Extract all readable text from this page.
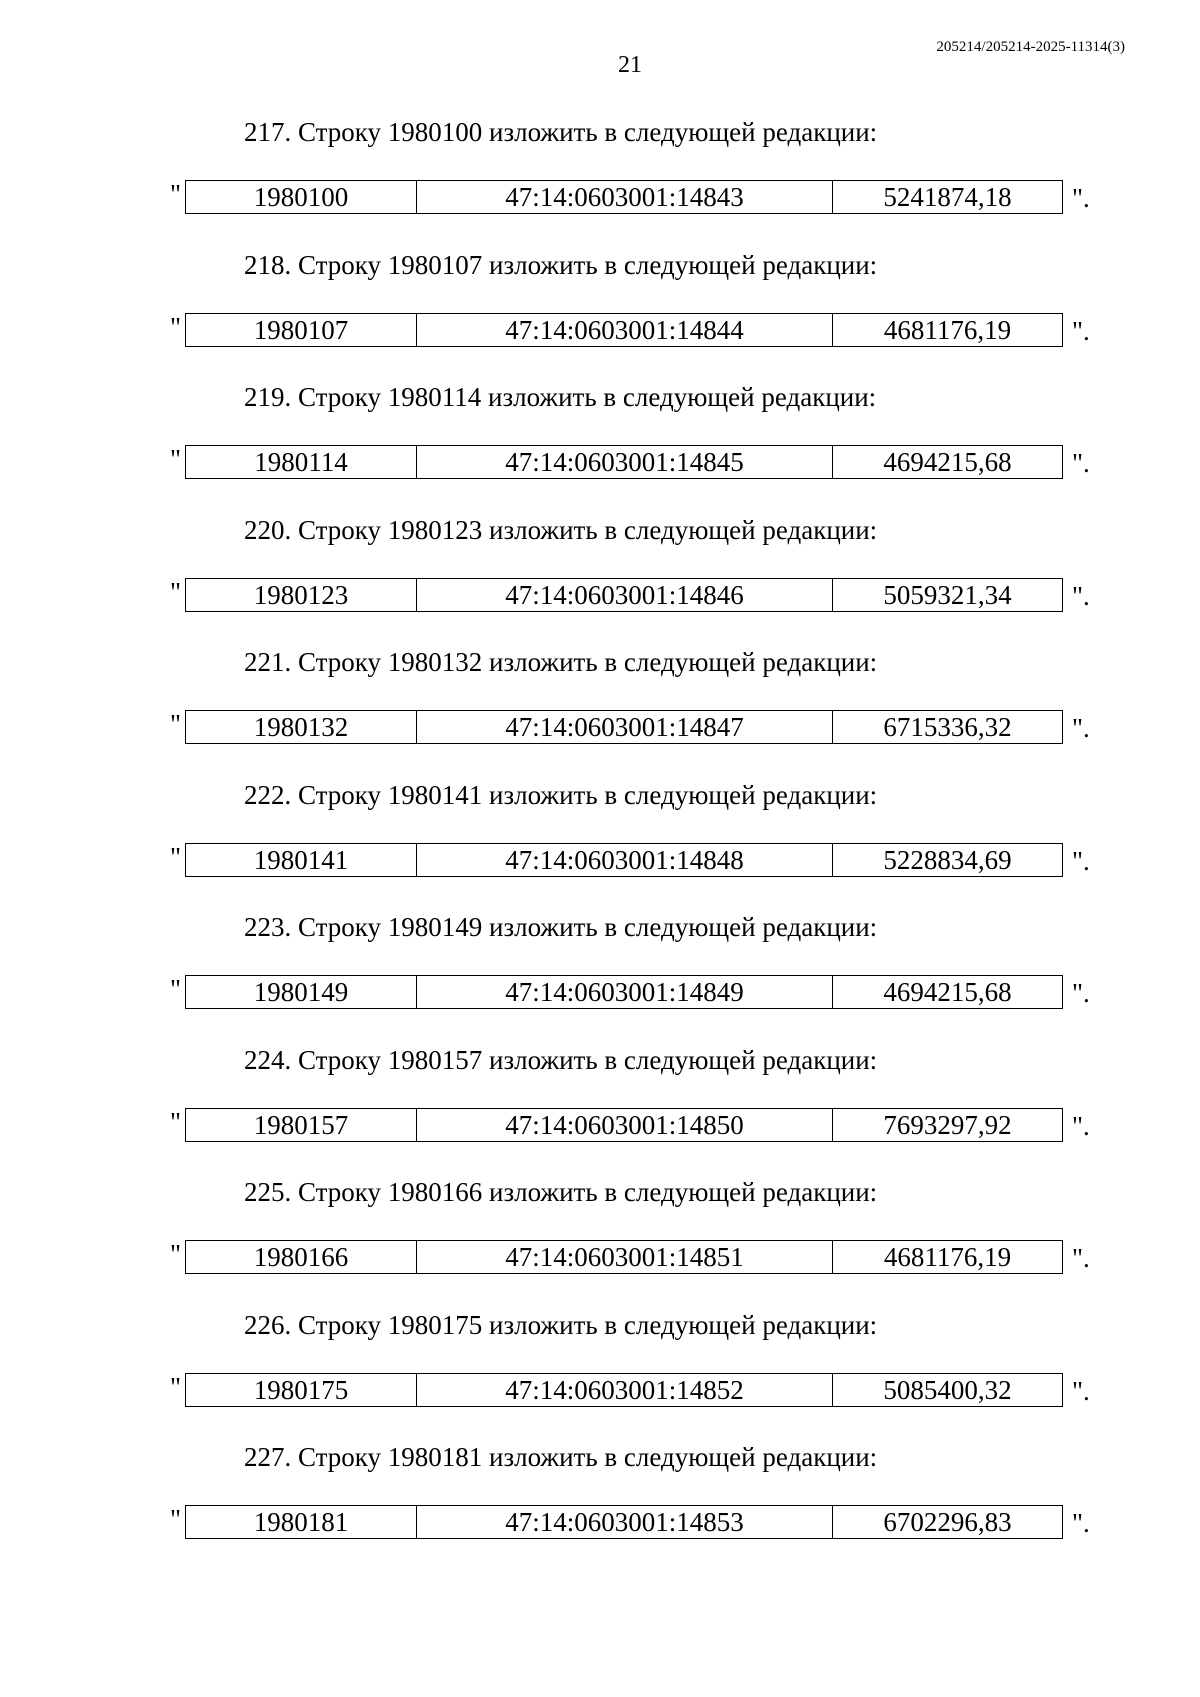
205214/205214-2025-11314(3)
21
217. Строку 1980100 изложить в следующей редакции:
"	1980100	47:14:0603001:14843	5241874,18 ".
218. Строку 1980107 изложить в следующей редакции:
"	1980107	47:14:0603001:14844	4681176,19 ".
219. Строку 1980114 изложить в следующей редакции:
"	1980114	47:14:0603001:14845	4694215,68 ".
220. Строку 1980123 изложить в следующей редакции:
"	1980123	47:14:0603001:14846	5059321,34 ".
221. Строку 1980132 изложить в следующей редакции:
"	1980132	47:14:0603001:14847	6715336,32 ".
222. Строку 1980141 изложить в следующей редакции:
"	1980141	47:14:0603001:14848	5228834,69 ".
223. Строку 1980149 изложить в следующей редакции:
"	1980149	47:14:0603001:14849	4694215,68 ".
224. Строку 1980157 изложить в следующей редакции:
"	1980157	47:14:0603001:14850	7693297,92 ".
225. Строку 1980166 изложить в следующей редакции:
"	1980166	47:14:0603001:14851	4681176,19 ".
226. Строку 1980175 изложить в следующей редакции:
"	1980175	47:14:0603001:14852	5085400,32 ".
227. Строку 1980181 изложить в следующей редакции:
"	1980181	47:14:0603001:14853	6702296,83 ".
